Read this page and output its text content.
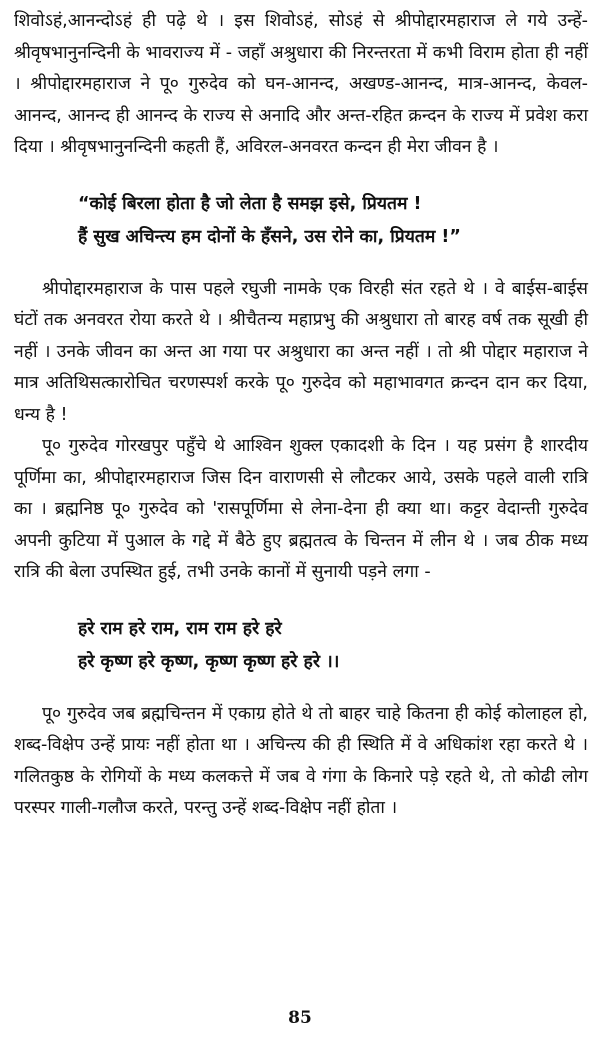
शिवोऽहं,आनन्दोऽहं ही पढ़े थे । इस शिवोऽहं, सोऽहं से श्रीपोद्दारमहाराज ले गये उन्हें- श्रीवृषभानुनन्दिनी के भावराज्य में - जहाँ अश्रुधारा की निरन्तरता में कभी विराम होता ही नहीं । श्रीपोद्दारमहाराज ने पू० गुरुदेव को घन-आनन्द, अखण्ड-आनन्द, मात्र-आनन्द, केवल-आनन्द, आनन्द ही आनन्द के राज्य से अनादि और अन्त-रहित क्रन्दन के राज्य में प्रवेश करा दिया । श्रीवृषभानुनन्दिनी कहती हैं, अविरल-अनवरत कन्दन ही मेरा जीवन है ।

“कोई बिरला होता है जो लेता है समझ इसे, प्रियतम !

हैं सुख अचिन्त्य हम दोनों के हँसने, उस रोने का, प्रियतम !”

श्रीपोद्दारमहाराज के पास पहले रघुजी नामके एक विरही संत रहते थे । वे बाईस-बाईस घंटों तक अनवरत रोया करते थे । श्रीचैतन्य महाप्रभु की अश्रुधारा तो बारह वर्ष तक सूखी ही नहीं । उनके जीवन का अन्त आ गया पर अश्रुधारा का अन्त नहीं । तो श्री पोद्दार महाराज ने मात्र अतिथिसत्कारोचित चरणस्पर्श करके पू० गुरुदेव को महाभावगत क्रन्दन दान कर दिया, धन्य है !

पू० गुरुदेव गोरखपुर पहुँचे थे आश्विन शुक्ल एकादशी के दिन । यह प्रसंग है शारदीय पूर्णिमा का, श्रीपोद्दारमहाराज जिस दिन वाराणसी से लौटकर आये, उसके पहले वाली रात्रि का । ब्रह्मनिष्ठ पू० गुरुदेव को 'रासपूर्णिमा से लेना-देना ही क्या था। कट्टर वेदान्ती गुरुदेव अपनी कुटिया में पुआल के गद्दे में बैठे हुए ब्रह्मतत्व के चिन्तन में लीन थे । जब ठीक मध्य रात्रि की बेला उपस्थित हुई, तभी उनके कानों में सुनायी पड़ने लगा -

हरे राम हरे राम, राम राम हरे हरे

हरे कृष्ण हरे कृष्ण, कृष्ण कृष्ण हरे हरे ।।

पू० गुरुदेव जब ब्रह्मचिन्तन में एकाग्र होते थे तो बाहर चाहे कितना ही कोई कोलाहल हो, शब्द-विक्षेप उन्हें प्रायः नहीं होता था । अचिन्त्य की ही स्थिति में वे अधिकांश रहा करते थे । गलितकुष्ठ के रोगियों के मध्य कलकत्ते में जब वे गंगा के किनारे पड़े रहते थे, तो कोढी लोग परस्पर गाली-गलौज करते, परन्तु उन्हें शब्द-विक्षेप नहीं होता ।

85
